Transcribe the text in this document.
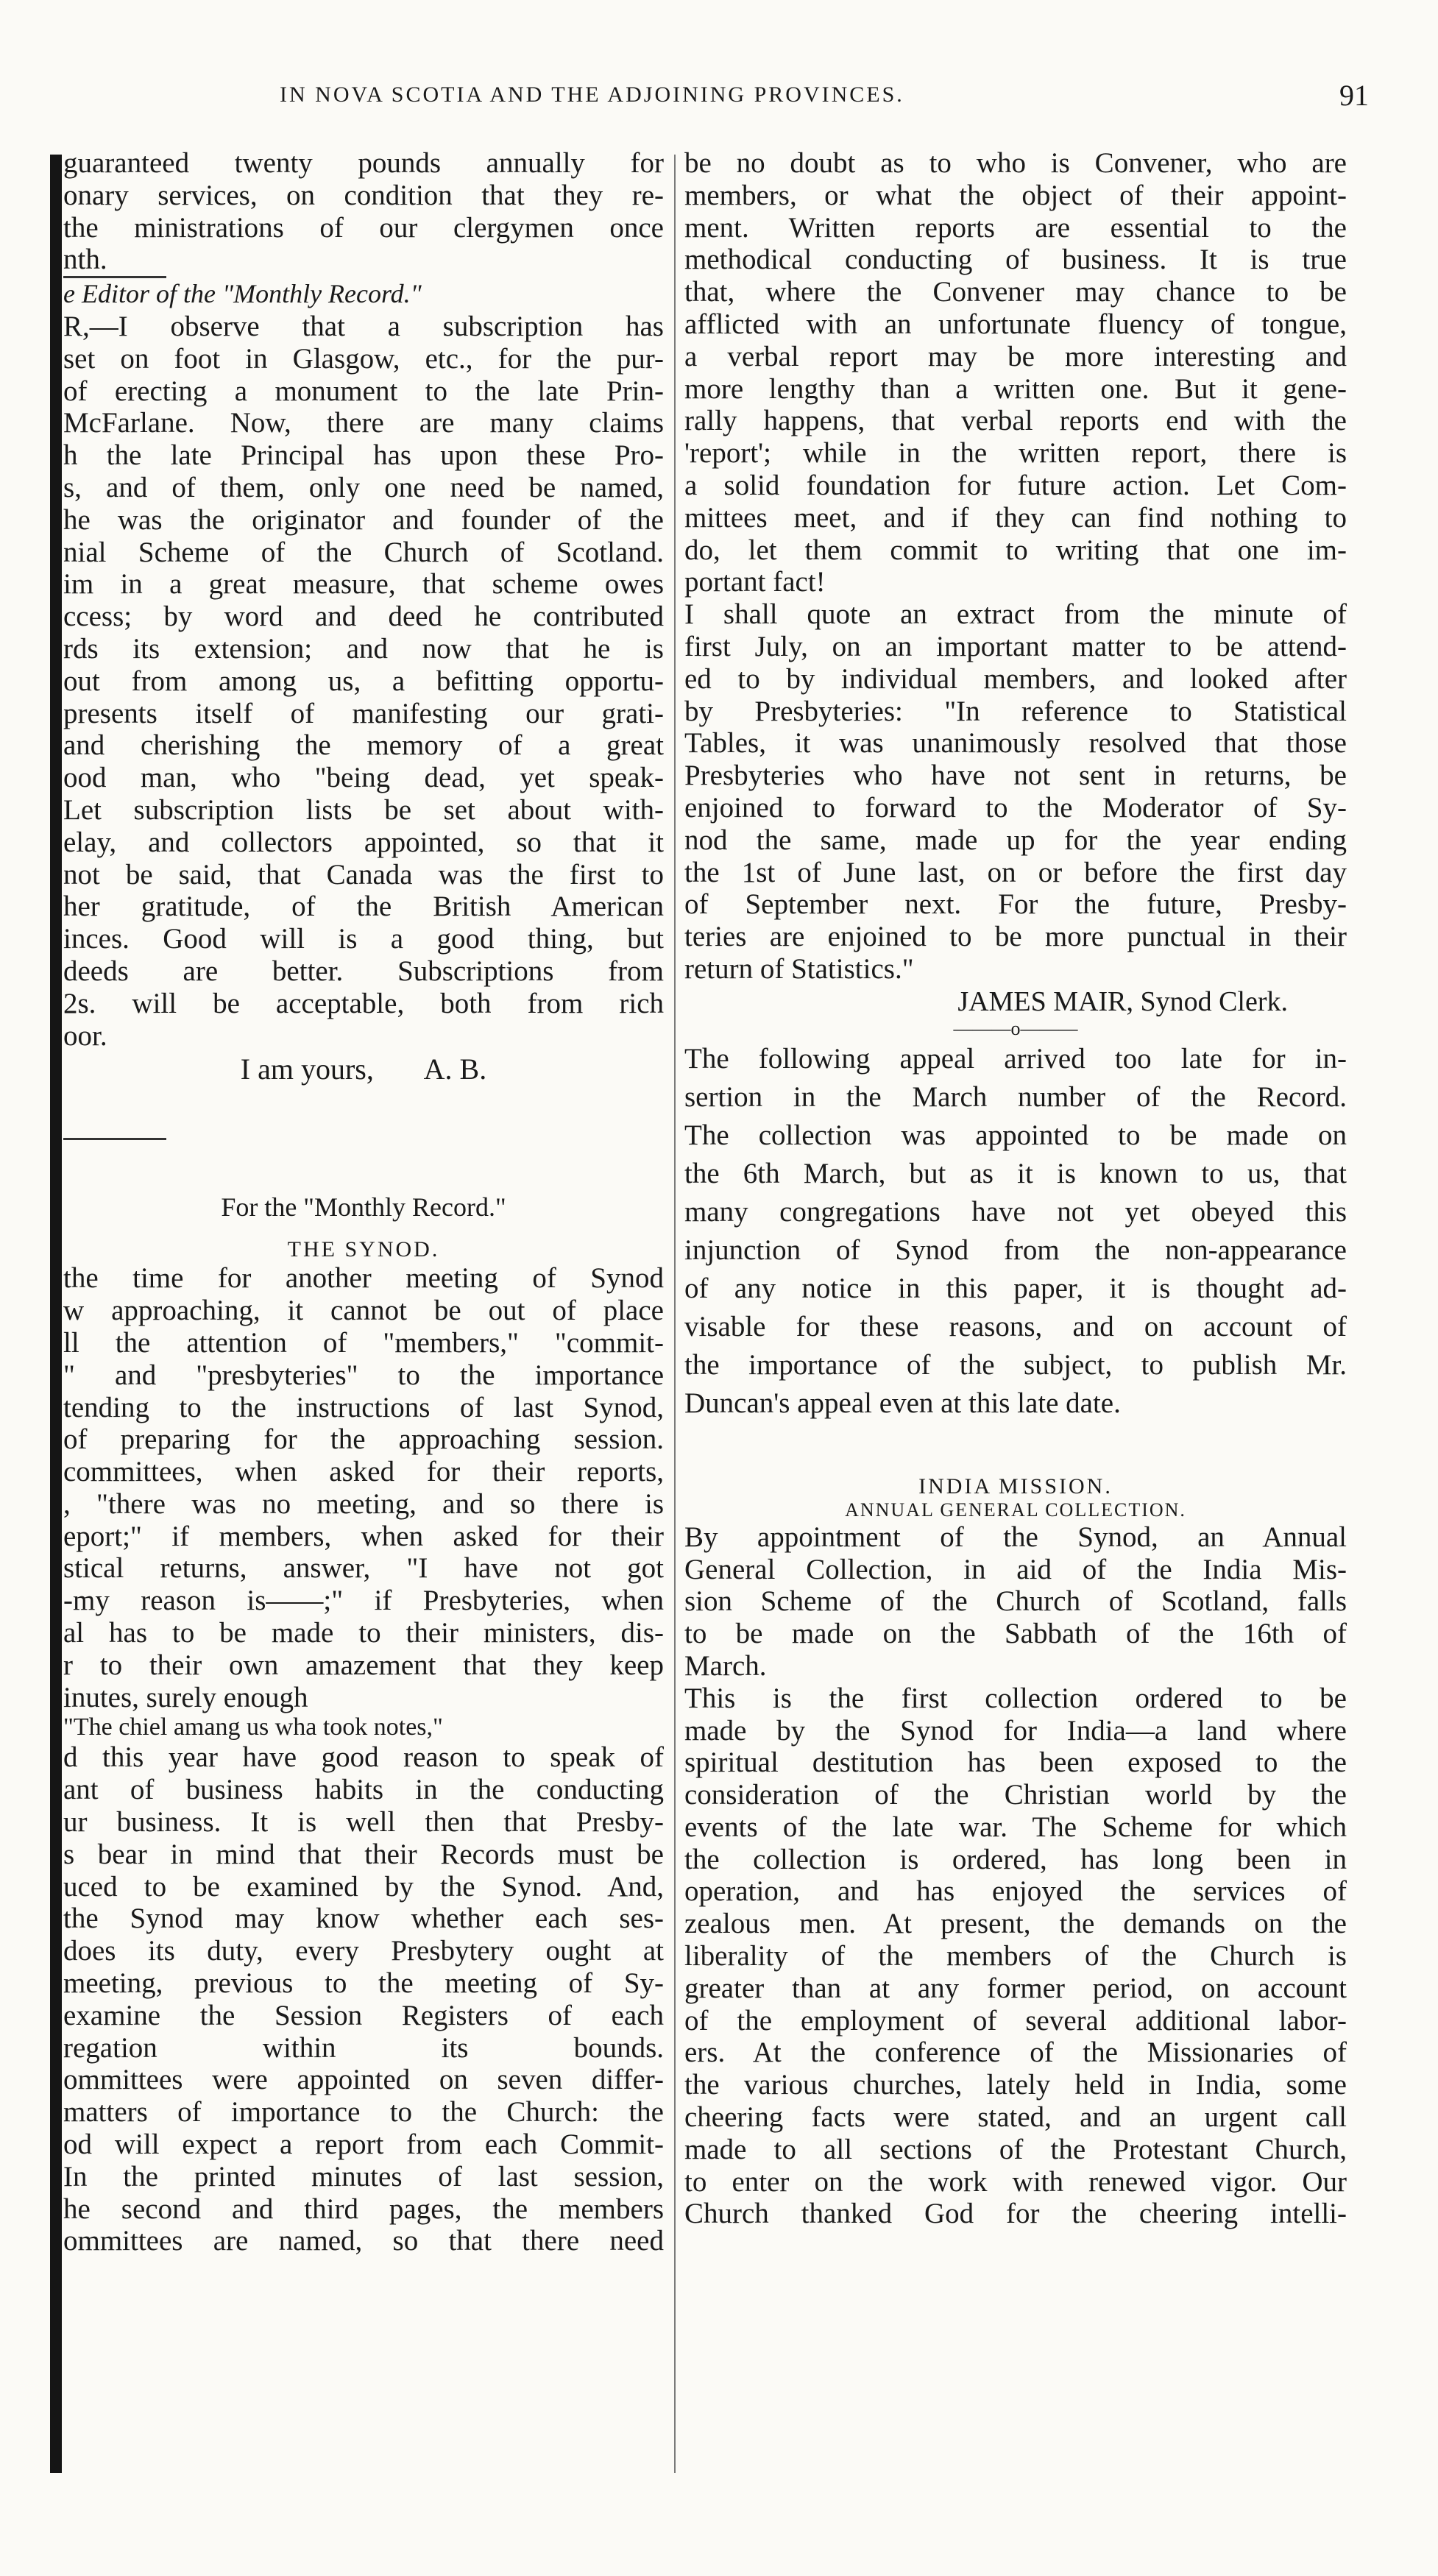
IN NOVA SCOTIA AND THE ADJOINING PROVINCES.	91
guaranteed twenty pounds annually for
onary services, on condition that they re-
the ministrations of our clergymen once
nth.
e Editor of the "Monthly Record."
R,—I observe that a subscription has
set on foot in Glasgow, etc., for the pur-
of erecting a monument to the late Prin-
McFarlane. Now, there are many claims
h the late Principal has upon these Pro-
s, and of them, only one need be named,
he was the originator and founder of the
nial Scheme of the Church of Scotland.
im in a great measure, that scheme owes
ccess; by word and deed he contributed
rds its extension; and now that he is
out from among us, a befitting opportu-
presents itself of manifesting our grati-
and cherishing the memory of a great
ood man, who "being dead, yet speak-
Let subscription lists be set about with-
elay, and collectors appointed, so that it
not be said, that Canada was the first to
her gratitude, of the British American
inces. Good will is a good thing, but
deeds are better. Subscriptions from
2s. will be acceptable, both from rich
oor.
I am yours, A. B.
For the "Monthly Record."
THE SYNOD.
the time for another meeting of Synod
w approaching, it cannot be out of place
ll the attention of "members," "commit-
" and "presbyteries" to the importance
tending to the instructions of last Synod,
of preparing for the approaching session.
committees, when asked for their reports,
, "there was no meeting, and so there is
eport;" if members, when asked for their
stical returns, answer, "I have not got
-my reason is——;" if Presbyteries, when
al has to be made to their ministers, dis-
r to their own amazement that they keep
inutes, surely enough
"The chiel amang us wha took notes,"
d this year have good reason to speak of
ant of business habits in the conducting
ur business. It is well then that Presby-
s bear in mind that their Records must be
uced to be examined by the Synod. And,
the Synod may know whether each ses-
does its duty, every Presbytery ought at
meeting, previous to the meeting of Sy-
examine the Session Registers of each
regation within its bounds.
ommittees were appointed on seven differ-
matters of importance to the Church: the
od will expect a report from each Commit-
In the printed minutes of last session,
he second and third pages, the members
ommittees are named, so that there need
be no doubt as to who is Convener, who are
members, or what the object of their appoint-
ment. Written reports are essential to the
methodical conducting of business. It is true
that, where the Convener may chance to be
afflicted with an unfortunate fluency of tongue,
a verbal report may be more interesting and
more lengthy than a written one. But it gene-
rally happens, that verbal reports end with the
'report'; while in the written report, there is
a solid foundation for future action. Let Com-
mittees meet, and if they can find nothing to
do, let them commit to writing that one im-
portant fact!
I shall quote an extract from the minute of
first July, on an important matter to be attend-
ed to by individual members, and looked after
by Presbyteries: "In reference to Statistical
Tables, it was unanimously resolved that those
Presbyteries who have not sent in returns, be
enjoined to forward to the Moderator of Sy-
nod the same, made up for the year ending
the 1st of June last, on or before the first day
of September next. For the future, Presby-
teries are enjoined to be more punctual in their
return of Statistics."
JAMES MAIR, Synod Clerk.
———o———
The following appeal arrived too late for in-
sertion in the March number of the Record.
The collection was appointed to be made on
the 6th March, but as it is known to us, that
many congregations have not yet obeyed this
injunction of Synod from the non-appearance
of any notice in this paper, it is thought ad-
visable for these reasons, and on account of
the importance of the subject, to publish Mr.
Duncan's appeal even at this late date.
INDIA MISSION.
ANNUAL GENERAL COLLECTION.
By appointment of the Synod, an Annual
General Collection, in aid of the India Mis-
sion Scheme of the Church of Scotland, falls
to be made on the Sabbath of the 16th of
March.
This is the first collection ordered to be
made by the Synod for India—a land where
spiritual destitution has been exposed to the
consideration of the Christian world by the
events of the late war. The Scheme for which
the collection is ordered, has long been in
operation, and has enjoyed the services of
zealous men. At present, the demands on the
liberality of the members of the Church is
greater than at any former period, on account
of the employment of several additional labor-
ers. At the conference of the Missionaries of
the various churches, lately held in India, some
cheering facts were stated, and an urgent call
made to all sections of the Protestant Church,
to enter on the work with renewed vigor. Our
Church thanked God for the cheering intelli-
